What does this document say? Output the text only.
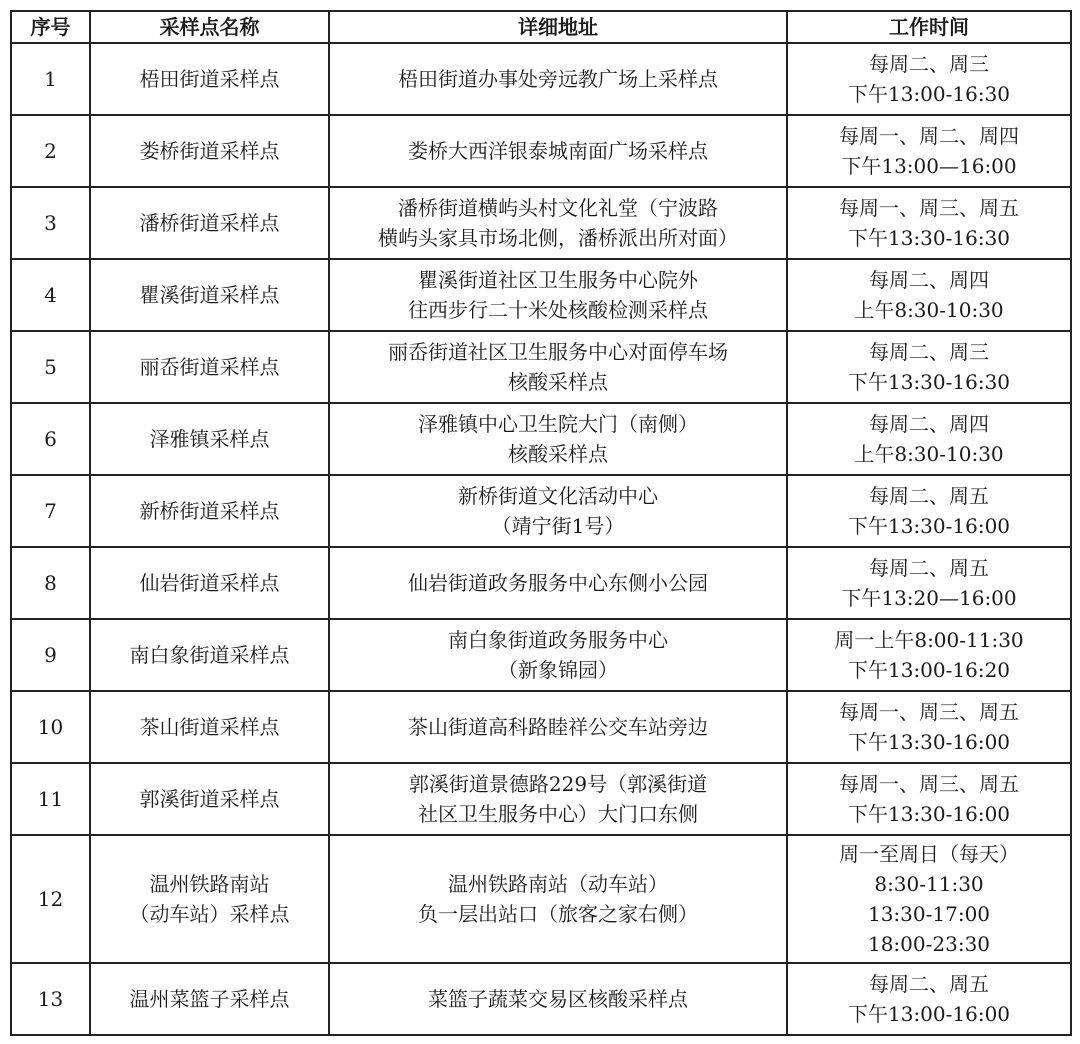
序号	采样点名称	详细地址	工作时间
1	梧田街道采样点	梧田街道办事处旁远教广场上采样点	每周二、周三
下午13:00-16:30

2	娄桥街道采样点	娄桥大西洋银泰城南面广场采样点	每周一、周二、周四
下午13:00—16:00

3	潘桥街道采样点	潘桥街道横屿头村文化礼堂（宁波路
横屿头家具市场北侧，潘桥派出所对面）	每周一、周三、周五
下午13:30-16:30

4	瞿溪街道采样点	瞿溪街道社区卫生服务中心院外
往西步行二十米处核酸检测采样点	每周二、周四
上午8:30-10:30

5	丽岙街道采样点	丽岙街道社区卫生服务中心对面停车场
核酸采样点	每周二、周三
下午13:30-16:30

6	泽雅镇采样点	泽雅镇中心卫生院大门（南侧）
核酸采样点	每周二、周四
上午8:30-10:30

7	新桥街道采样点	新桥街道文化活动中心
（靖宁街1号）	每周二、周五
下午13:30-16:00

8	仙岩街道采样点	仙岩街道政务服务中心东侧小公园	每周二、周五
下午13:20—16:00

9	南白象街道采样点	南白象街道政务服务中心
（新象锦园）	周一上午8:00-11:30
下午13:00-16:20

10	茶山街道采样点	茶山街道高科路睦祥公交车站旁边	每周一、周三、周五
下午13:30-16:00

11	郭溪街道采样点	郭溪街道景德路229号（郭溪街道
社区卫生服务中心）大门口东侧	每周一、周三、周五
下午13:30-16:00

12	温州铁路南站
（动车站）采样点	温州铁路南站（动车站）
负一层出站口（旅客之家右侧）	周一至周日（每天）
8:30-11:30
13:30-17:00
18:00-23:30

13	温州菜篮子采样点	菜篮子蔬菜交易区核酸采样点	每周二、周五
下午13:00-16:00
